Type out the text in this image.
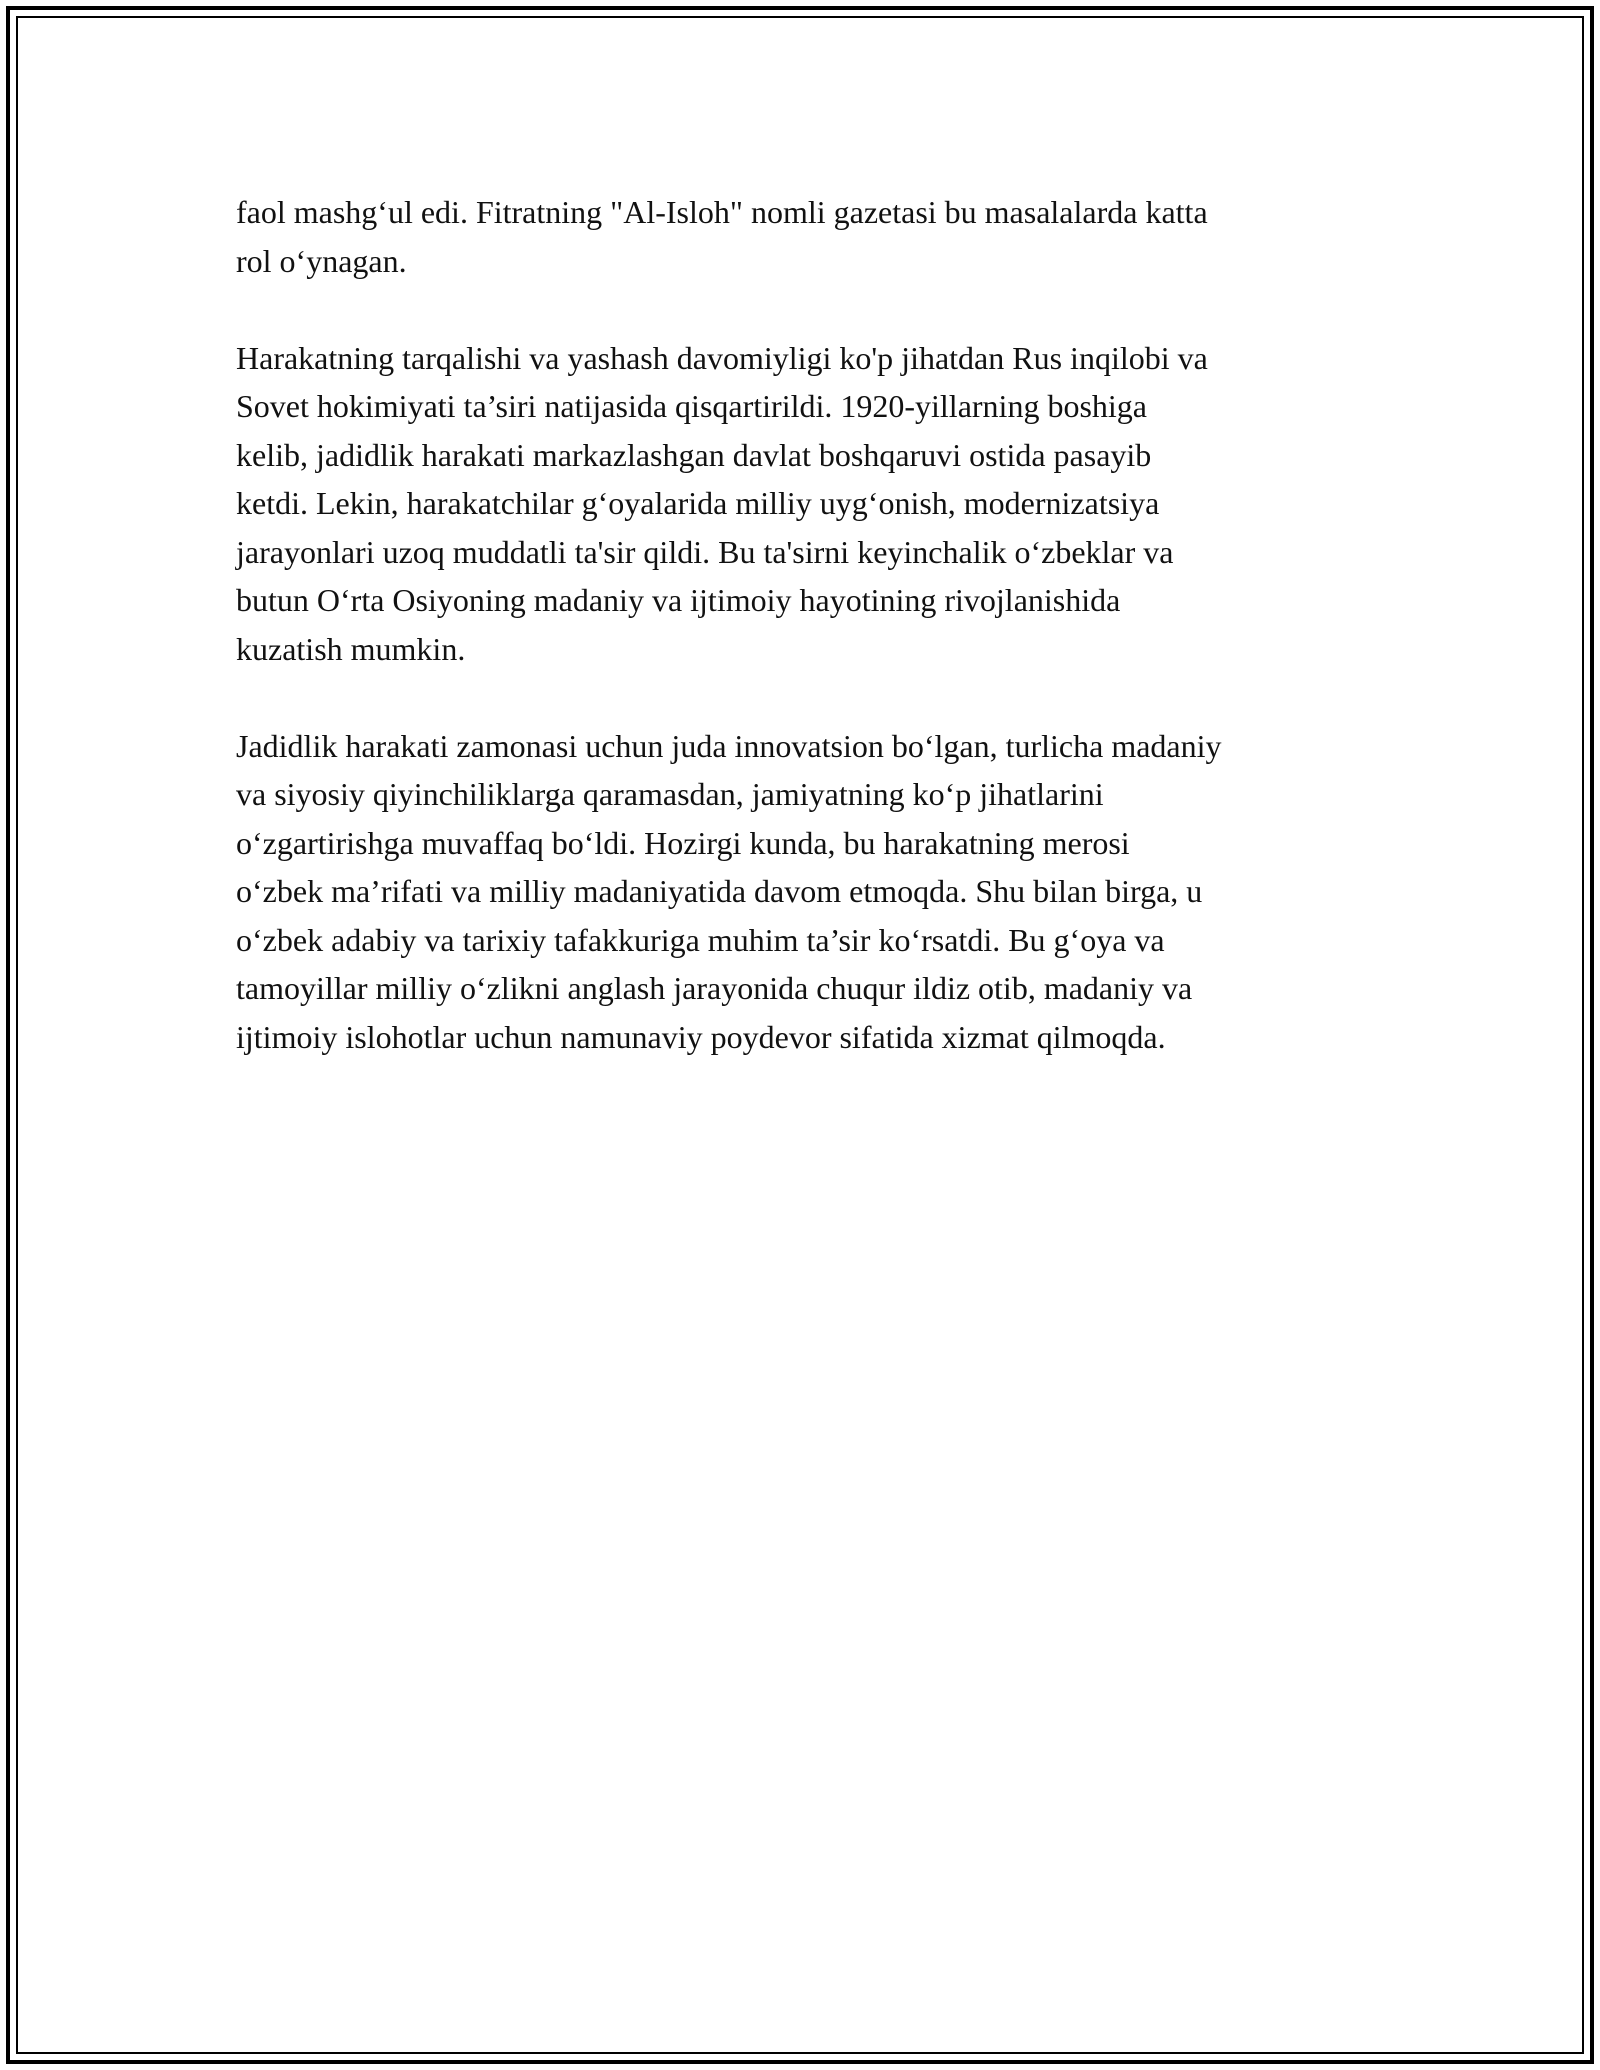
faol mashg‘ul edi. Fitratning "Al-Isloh" nomli gazetasi bu masalalarda katta
rol o‘ynagan.

Harakatning tarqalishi va yashash davomiyligi ko'p jihatdan Rus inqilobi va
Sovet hokimiyati ta’siri natijasida qisqartirildi. 1920-yillarning boshiga
kelib, jadidlik harakati markazlashgan davlat boshqaruvi ostida pasayib
ketdi. Lekin, harakatchilar g‘oyalarida milliy uyg‘onish, modernizatsiya
jarayonlari uzoq muddatli ta'sir qildi. Bu ta'sirni keyinchalik o‘zbeklar va
butun O‘rta Osiyoning madaniy va ijtimoiy hayotining rivojlanishida
kuzatish mumkin.

Jadidlik harakati zamonasi uchun juda innovatsion bo‘lgan, turlicha madaniy
va siyosiy qiyinchiliklarga qaramasdan, jamiyatning ko‘p jihatlarini
o‘zgartirishga muvaffaq bo‘ldi. Hozirgi kunda, bu harakatning merosi
o‘zbek ma’rifati va milliy madaniyatida davom etmoqda. Shu bilan birga, u
o‘zbek adabiy va tarixiy tafakkuriga muhim ta’sir ko‘rsatdi. Bu g‘oya va
tamoyillar milliy o‘zlikni anglash jarayonida chuqur ildiz otib, madaniy va
ijtimoiy islohotlar uchun namunaviy poydevor sifatida xizmat qilmoqda.
